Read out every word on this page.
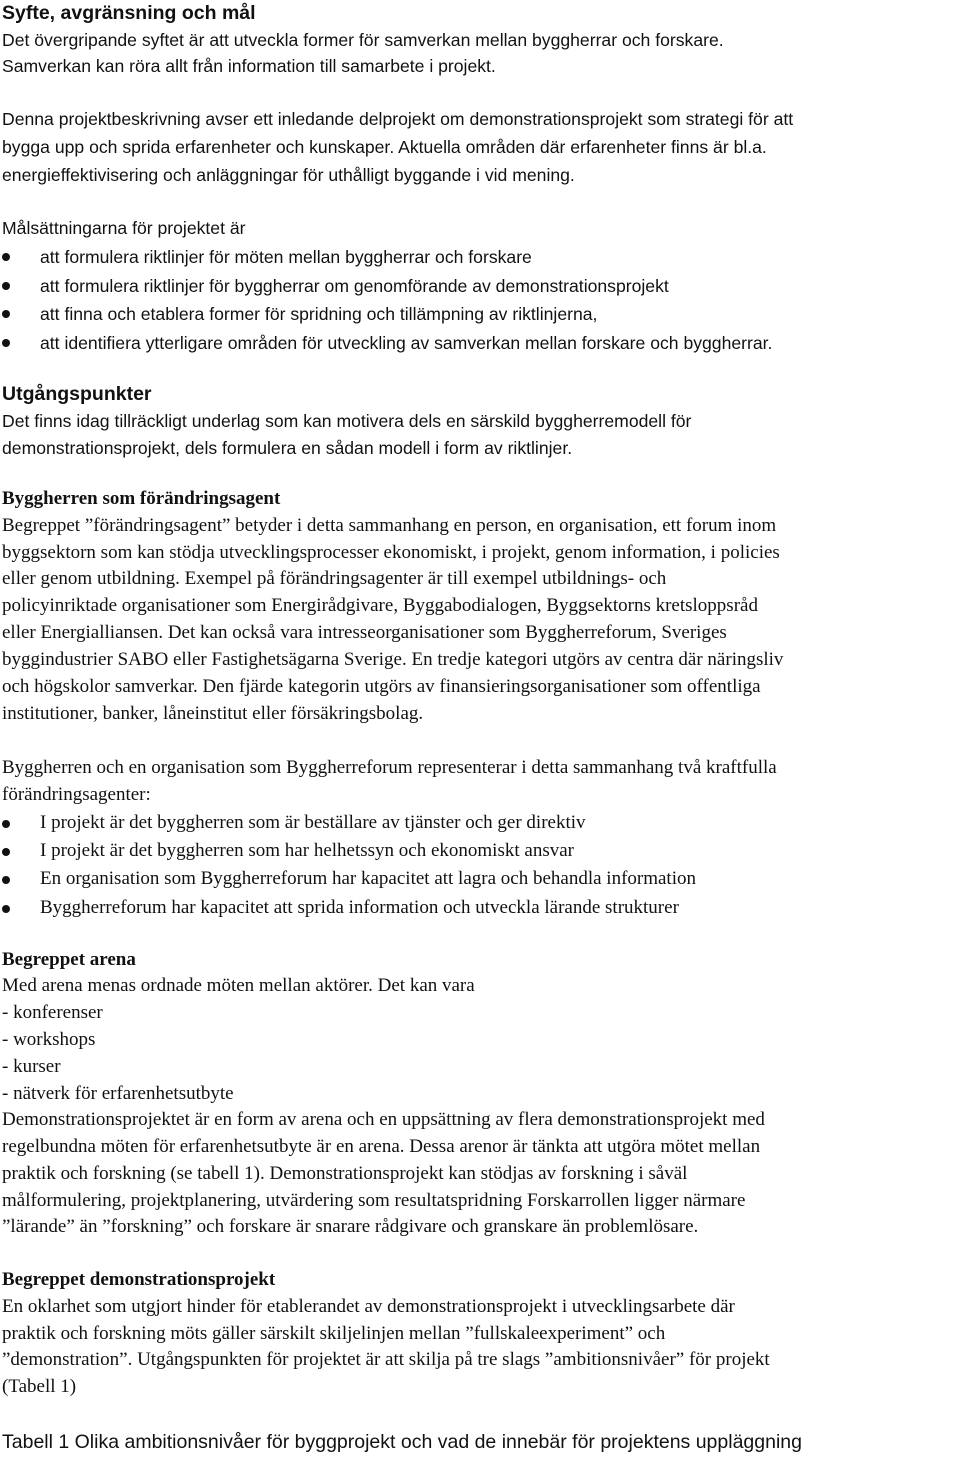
Syfte, avgränsning och mål
Det övergripande syftet är att utveckla former för samverkan mellan byggherrar och forskare.
Samverkan kan röra allt från information till samarbete i projekt.
Denna projektbeskrivning avser ett inledande delprojekt om demonstrationsprojekt som strategi för att
bygga upp och sprida erfarenheter och kunskaper. Aktuella områden där erfarenheter finns är bl.a.
energieffektivisering och anläggningar för uthålligt byggande i vid mening.
Målsättningarna för projektet är
att formulera riktlinjer för möten mellan byggherrar och forskare
att formulera riktlinjer för byggherrar om genomförande av demonstrationsprojekt
att finna och etablera former för spridning och tillämpning av riktlinjerna,
att identifiera ytterligare områden för utveckling av samverkan mellan forskare och byggherrar.
Utgångspunkter
Det finns idag tillräckligt underlag som kan motivera dels en särskild byggherremodell för
demonstrationsprojekt, dels formulera en sådan modell i form av riktlinjer.
Byggherren som förändringsagent
Begreppet ”förändringsagent” betyder i detta sammanhang en person, en organisation, ett forum inom
byggsektorn som kan stödja utvecklingsprocesser ekonomiskt, i projekt, genom information, i policies
eller genom utbildning. Exempel på förändringsagenter är till exempel utbildnings- och
policyinriktade organisationer som Energirådgivare, Byggabodialogen, Byggsektorns kretsloppsråd
eller Energialliansen. Det kan också vara intresseorganisationer som Byggherreforum, Sveriges
byggindustrier SABO eller Fastighetsägarna Sverige. En tredje kategori utgörs av centra där näringsliv
och högskolor samverkar. Den fjärde kategorin utgörs av finansieringsorganisationer som offentliga
institutioner, banker, låneinstitut eller försäkringsbolag.
Byggherren och en organisation som Byggherreforum representerar i detta sammanhang två kraftfulla
förändringsagenter:
I projekt är det byggherren som är beställare av tjänster och ger direktiv
I projekt är det byggherren som har helhetssyn och ekonomiskt ansvar
En organisation som Byggherreforum har kapacitet att lagra och behandla information
Byggherreforum har kapacitet att sprida information och utveckla lärande strukturer
Begreppet arena
Med arena menas ordnade möten mellan aktörer. Det kan vara
- konferenser
- workshops
- kurser
- nätverk för erfarenhetsutbyte
Demonstrationsprojektet är en form av arena och en uppsättning av flera demonstrationsprojekt med
regelbundna möten för erfarenhetsutbyte är en arena. Dessa arenor är tänkta att utgöra mötet mellan
praktik och forskning (se tabell 1). Demonstrationsprojekt kan stödjas av forskning i såväl
målformulering, projektplanering, utvärdering som resultatspridning Forskarrollen ligger närmare
”lärande” än ”forskning” och forskare är snarare rådgivare och granskare än problemlösare.
Begreppet demonstrationsprojekt
En oklarhet som utgjort hinder för etablerandet av demonstrationsprojekt i utvecklingsarbete där
praktik och forskning möts gäller särskilt skiljelinjen mellan ”fullskaleexperiment” och
”demonstration”. Utgångspunkten för projektet är att skilja på tre slags ”ambitionsnivåer” för projekt
(Tabell 1)
Tabell 1 Olika ambitionsnivåer för byggprojekt och vad de innebär för projektens uppläggning
